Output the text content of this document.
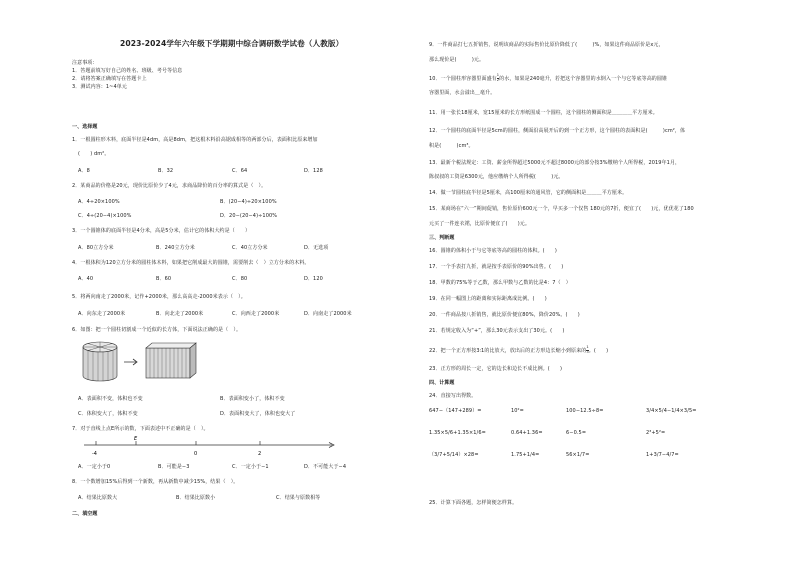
2023-2024学年六年级下学期期中综合调研数学试卷（人教版）
注意事项：
1．答题前填写好自己的姓名、班级、考号等信息
2．请将答案正确填写在答题卡上
3．测试内容：1~4单元
一、选择题
1．一根圆柱形木料，底面半径是4dm，高是8dm，把这根木料沿高锯成相等的两部分后，表面积比原来增加
(　　) dm²。
A．8	B．32	C．64	D．128
2．某商品的价格是20元，现价比原价少了4元，求商品降价的百分率的算式是（　）。
A．4÷20×100%	B．(20−4)÷20×100%
C．4÷(20−4)×100%	D．20−(20−4)÷100%
3．一个圆锥体的底面半径是4分米，高是5分米，估计它的体积大约是（　　）
A．80立方分米	B．240立方分米	C．40立方分米	D．无选项
4．一根体积为120立方分米的圆柱体木料，如果把它削成最大的圆锥，需要削去（　）立方分米的木料。
A．40	B．60	C．80	D．120
5．将两向南走了2000米，记作+2000米，那么高高走-2000米表示（　）。
A．向东走了2000米	B．向北走了2000米	C．向西走了2000米	D．向南走了2000米
6．如图：把一个圆柱切割成一个近似的长方体，下面说法正确的是（　）。
A．表面积不变，体积也不变	B．表面积变小了，体积不变
C．体积变大了，体积不变	D．表面积变大了，体积也变大了
7．对于直线上点E所示的数，下面表述中不正确的是（　）。
-4
E
0	2
A．一定小于0	B．可能是−3	C．一定小于−1	D．不可能大于−4
8．一个数增加15%后得到一个新数，再从新数中减少15%，结果（　）。
A．结果比原数大	B．结果比原数小	C．结果与原数相等
二、填空题
9．一件商品打七五折销售，说明该商品的实际售价比原价降低了(　　　)%，如果这件商品原价是x元，
那么现价是(　　　)元。
10．一个圆柱形容器里面盛有 $\frac{1}{2}$ 的水，如果是240毫升，若把这个容器里的水倒入一个与它等底等高的圆锥
容器里面，水会溢出＿毫升。
11．用一张长18厘米，宽15厘米的长方形纸围成一个圆柱，这个圆柱的侧面积是＿＿＿＿平方厘米。
12．一个圆柱的底面半径是5cm的圆柱，侧面沿高展开后的到一个正方形，这个圆柱的表面积是(　　　)cm²，体
积是(　　　)cm³。
13．最新个税法规定：工资、薪金所得超过5000元不超过8000元的部分按3%缴纳个人所得税，2019年1月，
陈叔叔的工资是6300元，他应缴纳个人所得税(　　　)元。
14．做一节圆柱底半径是5厘米，高100厘米的通风管，它的侧面积是＿＿＿平方厘米。
15．某商场在“六一”期间促销，售价原价600元一个，早买多一个仅售 180元的7折，便宜了(　　)元，优优花了180
元买了一件连衣裙，比原价便宜了(　　)元。
三、判断题
16．圆锥的体积小于与它等底等高的圆柱的体积。(　　)
17．一个手表打九折，就是按手表原价的90%出售。(　　)
18．甲数的75%等于乙数，那么甲数与乙数的比是4：7（　）
19．在同一幅图上的距离和实际距离成比例。(　　)
20．一件商品按八折销售，就比原价便宜80%，降价20%。(　　)
21．若规定收入为“+”，那么30元表示支出了30元。(　　)
22．把一个正方形按3∶1的比放大，放出后的正方形边长缩小到原来的 $\frac{1}{3}$ 。(　　)
23．正方形的周长一定，它的边长和边长不成比例。(　　)
四、计算题
24．直接写出得数。
647−（147+289）=	10²=	100−12.5÷8=	3/4×5/4−1/4×3/5=
1.35×5/6+1.35×1/6=	0.64+1.36=	6−0.5=	2³+5²=
（3/7+5/14）×28=	1.75+1/4=	56×1/7=	1+3/7−4/7=
25．计算下面各题，怎样简便怎样算。
